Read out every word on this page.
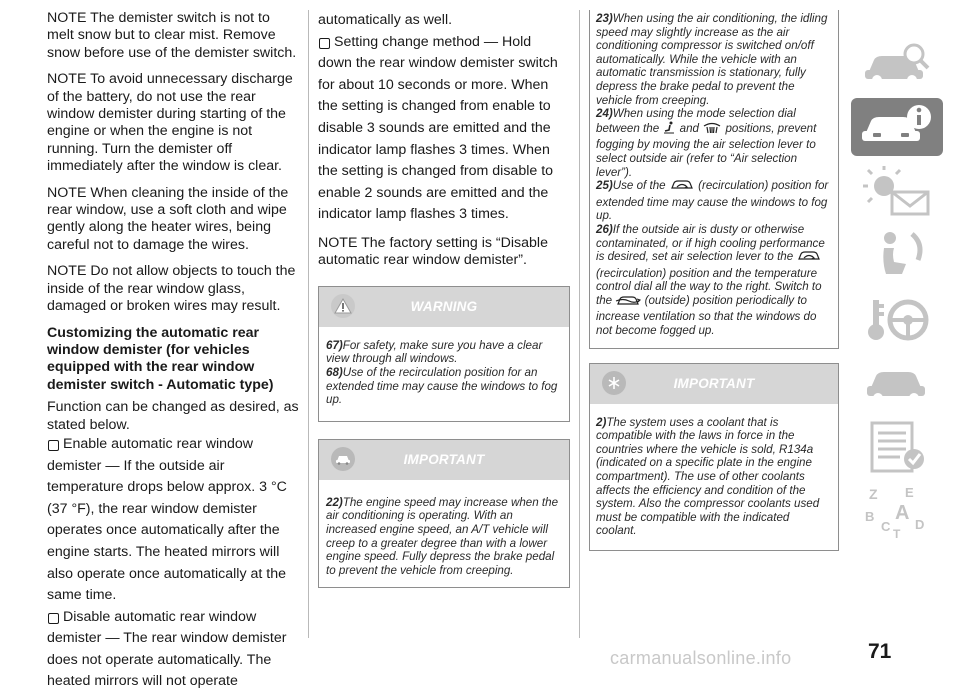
NOTE The demister switch is not to melt snow but to clear mist. Remove snow before use of the demister switch.

NOTE To avoid unnecessary discharge of the battery, do not use the rear window demister during starting of the engine or when the engine is not running. Turn the demister off immediately after the window is clear.

NOTE When cleaning the inside of the rear window, use a soft cloth and wipe gently along the heater wires, being careful not to damage the wires.

NOTE Do not allow objects to touch the inside of the rear window glass, damaged or broken wires may result.

Customizing the automatic rear window demister (for vehicles equipped with the rear window demister switch - Automatic type)

Function can be changed as desired, as stated below.

Enable automatic rear window

demister — If the outside air temperature drops below approx. 3 °C (37 °F), the rear window demister operates once automatically after the engine starts. The heated mirrors will also operate once automatically at the same time.

Disable automatic rear window

demister — The rear window demister does not operate automatically. The heated mirrors will not operate

automatically as well.

Setting change method — Hold

down the rear window demister switch for about 10 seconds or more. When the setting is changed from enable to disable 3 sounds are emitted and the indicator lamp flashes 3 times. When the setting is changed from disable to enable 2 sounds are emitted and the indicator lamp flashes 3 times.

NOTE The factory setting is “Disable automatic rear window demister”.

WARNING

67)For safety, make sure you have a clear view through all windows.

68)Use of the recirculation position for an extended time may cause the windows to fog up.

IMPORTANT

22)The engine speed may increase when the air conditioning is operating. With an increased engine speed, an A/T vehicle will creep to a greater degree than with a lower engine speed. Fully depress the brake pedal to prevent the vehicle from creeping.

23)When using the air conditioning, the idling speed may slightly increase as the air conditioning compressor is switched on/off automatically. While the vehicle with an automatic transmission is stationary, fully depress the brake pedal to prevent the vehicle from creeping.
24)When using the mode selection dial between the and positions, prevent fogging by moving the air selection lever to select outside air (refer to “Air selection lever”).
25)Use of the	(recirculation) position for extended time may cause the windows to fog up.
26)If the outside air is dusty or otherwise contaminated, or if high cooling performance is desired, set air selection lever to the  (recirculation) position and the temperature control dial all the way to the right. Switch to the	(outside) position periodically to increase ventilation so that the windows do not become fogged up.
IMPORTANT

2)The system uses a coolant that is compatible with the laws in force in the countries where the vehicle is sold, R134a (indicated on a specific plate in the engine compartment). The use of other coolants affects the efficiency and condition of the system. Also the compressor coolants used must be compatible with the indicated coolant.

Z E
B A
C D
T
71
carmanualsonline.info
